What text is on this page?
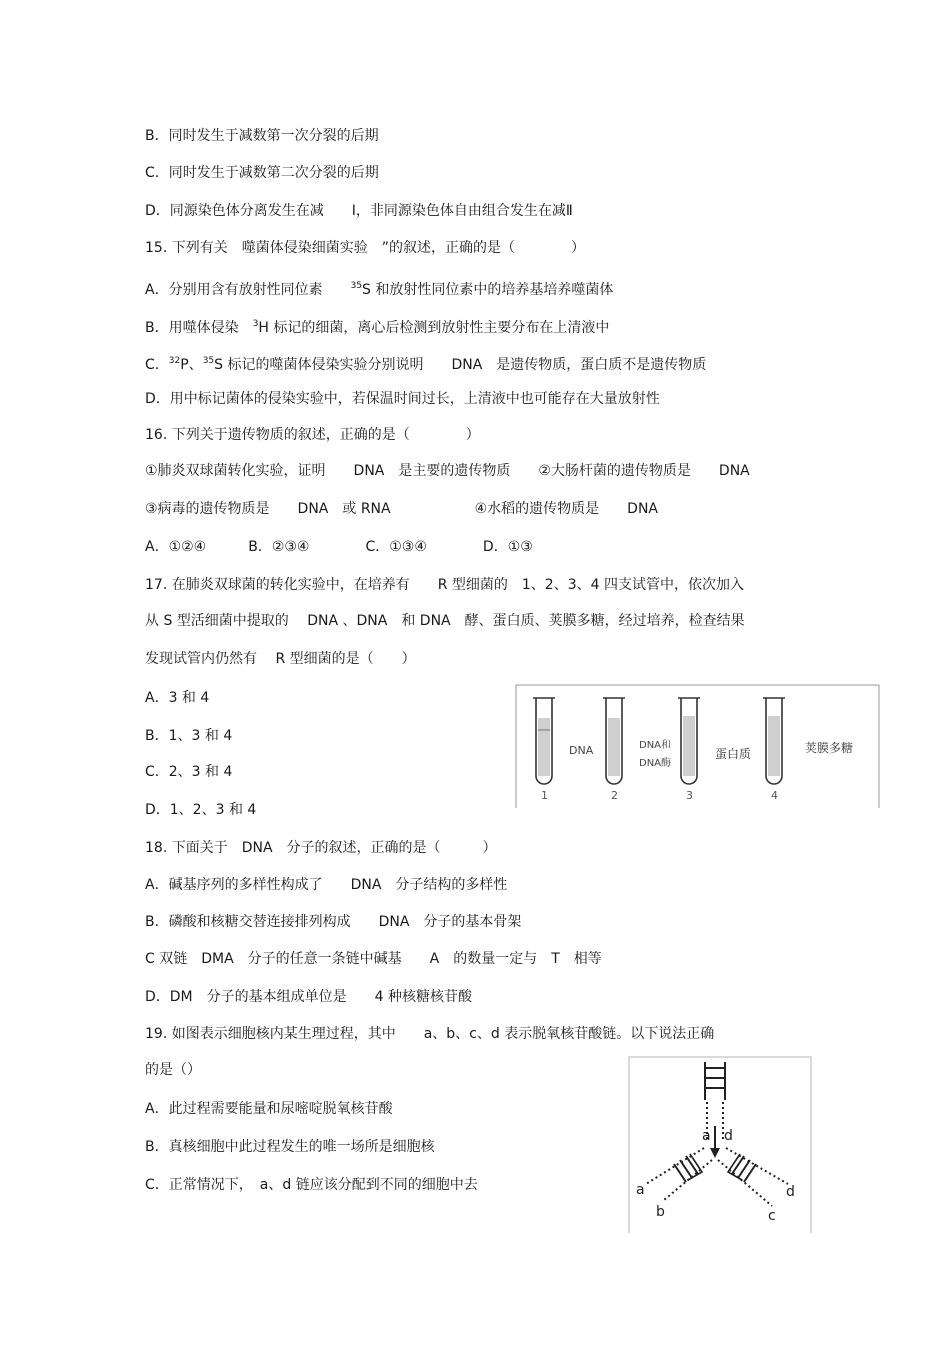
B．同时发生于减数第一次分裂的后期
C．同时发生于减数第二次分裂的后期
D．同源染色体分离发生在减　　I，非同源染色体自由组合发生在减Ⅱ
15. 下列有关　噬菌体侵染细菌实验　”的叙述，正确的是（　　　　）
A．分别用含有放射性同位素　　$^{35}$S 和放射性同位素中的培养基培养噬菌体
B．用噬体侵染　$^3$H 标记的细菌，离心后检测到放射性主要分布在上清液中
C．$^{32}$P、$^{35}$S 标记的噬菌体侵染实验分别说明　　DNA　是遗传物质，蛋白质不是遗传物质
D．用中标记菌体的侵染实验中，若保温时间过长，上清液中也可能存在大量放射性
16. 下列关于遗传物质的叙述，正确的是（　　　　）
①肺炎双球菌转化实验，证明　　DNA　是主要的遗传物质　　②大肠杆菌的遗传物质是　　DNA
③病毒的遗传物质是　　DNA　或 RNA　　　　　　④水稻的遗传物质是　　DNA
A．①②④　　　B．②③④　　　　C．①③④　　　　D．①③
17. 在肺炎双球菌的转化实验中，在培养有　　R 型细菌的　1、2、3、4 四支试管中，依次加入
从 S 型活细菌中提取的　 DNA 、DNA　和 DNA　酵、蛋白质、荚膜多糖，经过培养，检查结果
发现试管内仍然有　 R 型细菌的是（　　）
A．3 和 4
B．1、3 和 4
C．2、3 和 4
D．1、2、3 和 4
18. 下面关于　DNA　分子的叙述，正确的是（　　　）
A．碱基序列的多样性构成了　　DNA　分子结构的多样性
B．磷酸和核糖交替连接排列构成　　DNA　分子的基本骨架
C 双链　DMA　分子的任意一条链中碱基　　A　的数量一定与　T　相等
D．DM　分子的基本组成单位是　　4 种核糖核苷酸
19. 如图表示细胞核内某生理过程，其中　　a、b、c、d 表示脱氧核苷酸链。以下说法正确
的是（）
A．此过程需要能量和尿嘧啶脱氧核苷酸
B．真核细胞中此过程发生的唯一场所是细胞核
C．正常情况下，　a、d 链应该分配到不同的细胞中去
DNA	DNA和
DNA酶
蛋白质	荚膜多糖
1	2	3	4
a d
a
b
d
c
